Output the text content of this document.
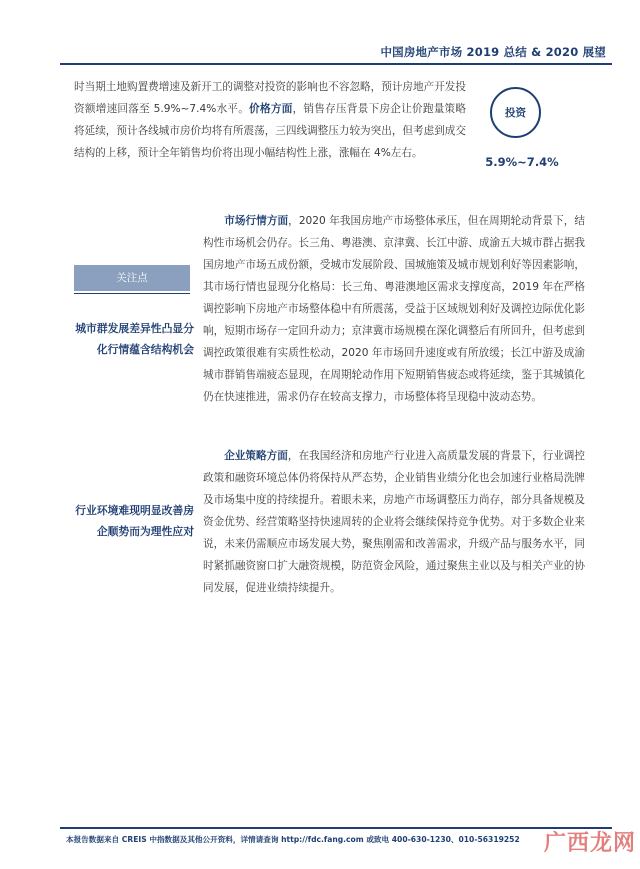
中国房地产市场 2019 总结 & 2020 展望

时当期土地购置费增速及新开工的调整对投资的影响也不容忽略，预计房地产开发投资额增速回落至 5.9%~7.4%水平。价格方面，销售存压背景下房企让价跑量策略将延续，预计各线城市房价均将有所震荡，三四线调整压力较为突出，但考虑到成交结构的上移，预计全年销售均价将出现小幅结构性上涨，涨幅在 4%左右。

投资
5.9%~7.4%
关注点

城市群发展差异性凸显分化行情蕴含结构机会

行业环境难现明显改善房企顺势而为理性应对

市场行情方面，2020 年我国房地产市场整体承压，但在周期轮动背景下，结构性市场机会仍存。长三角、粤港澳、京津冀、长江中游、成渝五大城市群占据我国房地产市场五成份额，受城市发展阶段、国城施策及城市规划利好等因素影响，其市场行情也显现分化格局：长三角、粤港澳地区需求支撑度高，2019 年在严格调控影响下房地产市场整体稳中有所震荡，受益于区域规划利好及调控边际优化影响，短期市场存一定回升动力；京津冀市场规模在深化调整后有所回升，但考虑到调控政策很难有实质性松动，2020 年市场回升速度或有所放缓；长江中游及成渝城市群销售端疲态显现，在周期轮动作用下短期销售疲态或将延续，鉴于其城镇化仍在快速推进，需求仍存在较高支撑力，市场整体将呈现稳中波动态势。

企业策略方面，在我国经济和房地产行业进入高质量发展的背景下，行业调控政策和融资环境总体仍将保持从严态势，企业销售业绩分化也会加速行业格局洗牌及市场集中度的持续提升。着眼未来，房地产市场调整压力尚存，部分具备规模及资金优势、经营策略坚持快速周转的企业将会继续保持竞争优势。对于多数企业来说，未来仍需顺应市场发展大势，聚焦刚需和改善需求，升级产品与服务水平，同时紧抓融资窗口扩大融资规模，防范资金风险，通过聚焦主业以及与相关产业的协同发展，促进业绩持续提升。

本报告数据来自 CREIS 中指数据及其他公开资料，详情请查询 http://fdc.fang.com 或致电 400-630-1230、010-56319252 广西龙网
